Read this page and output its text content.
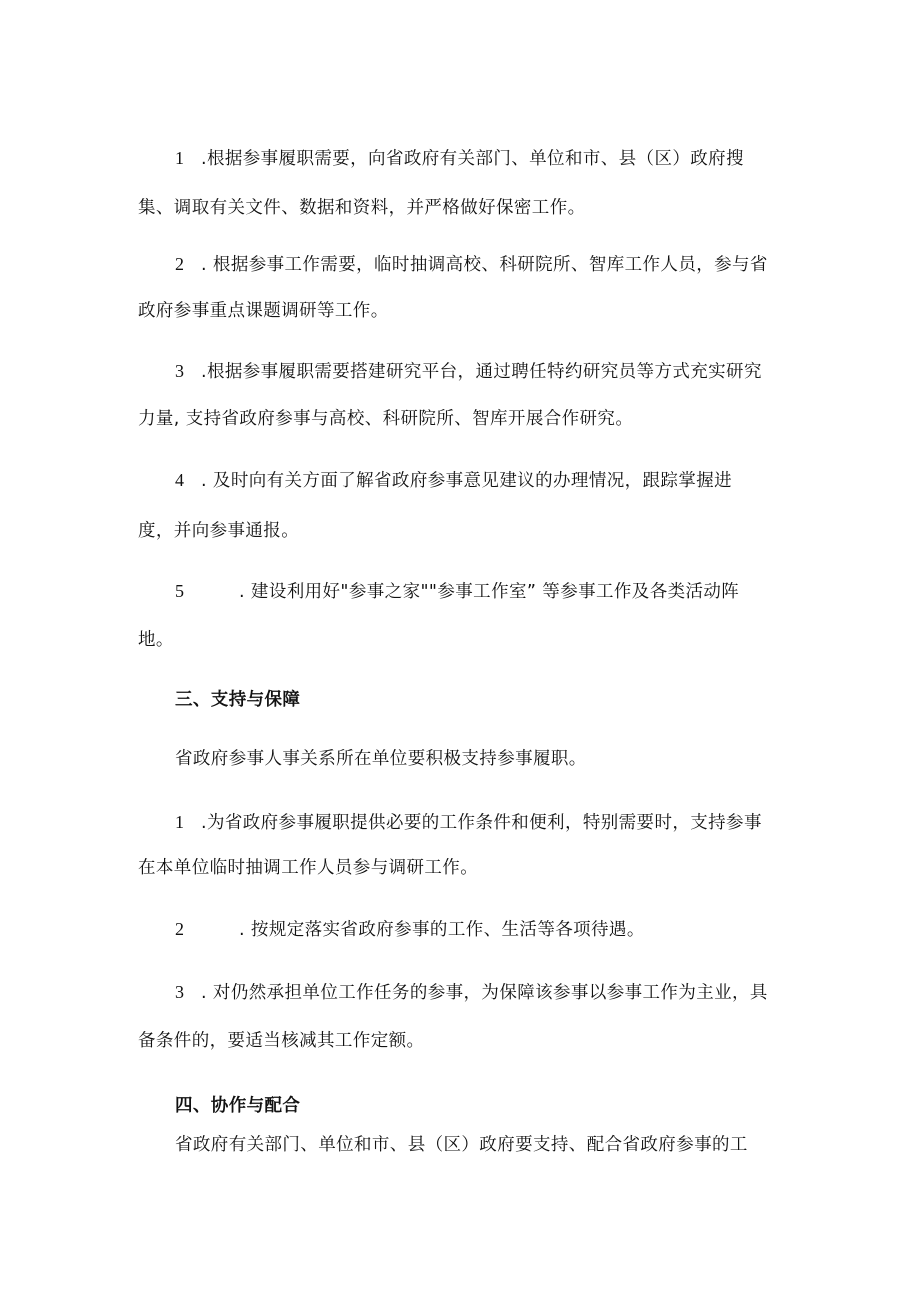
1 .根据参事履职需要，向省政府有关部门、单位和市、县（区）政府搜

集、调取有关文件、数据和资料，并严格做好保密工作。

2 . 根据参事工作需要，临时抽调高校、科研院所、智库工作人员，参与省

政府参事重点课题调研等工作。

3 .根据参事履职需要搭建研究平台，通过聘任特约研究员等方式充实研究

力量, 支持省政府参事与高校、科研院所、智库开展合作研究。

4 . 及时向有关方面了解省政府参事意见建议的办理情况，跟踪掌握进

度，并向参事通报。

5	. 建设利用好"参事之家""参事工作室” 等参事工作及各类活动阵

地。

三、支持与保障

省政府参事人事关系所在单位要积极支持参事履职。

1 .为省政府参事履职提供必要的工作条件和便利，特别需要时，支持参事

在本单位临时抽调工作人员参与调研工作。

2	. 按规定落实省政府参事的工作、生活等各项待遇。

3 . 对仍然承担单位工作任务的参事，为保障该参事以参事工作为主业，具

备条件的，要适当核减其工作定额。

四、协作与配合

省政府有关部门、单位和市、县（区）政府要支持、配合省政府参事的工
